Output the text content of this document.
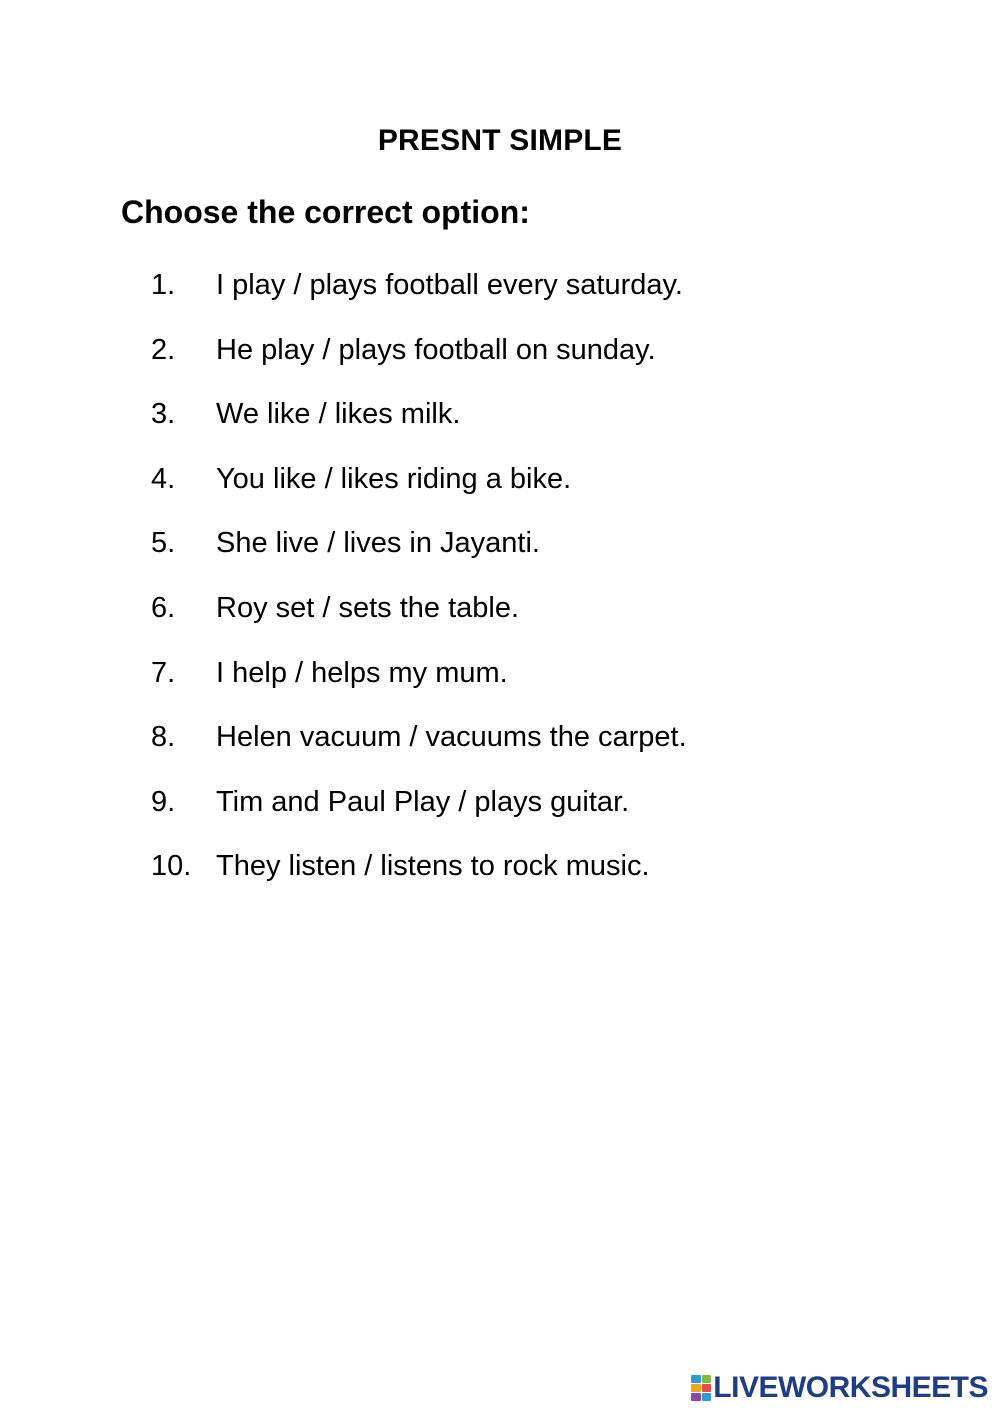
PRESNT SIMPLE
Choose the correct option:
1. I play / plays football every saturday.
2. He play / plays football on sunday.
3. We like / likes milk.
4. You like / likes riding a bike.
5. She live / lives in Jayanti.
6. Roy set / sets the table.
7. I help / helps my mum.
8. Helen vacuum / vacuums the carpet.
9. Tim and Paul Play / plays guitar.
10. They listen / listens to rock music.
LIVEWORKSHEETS
